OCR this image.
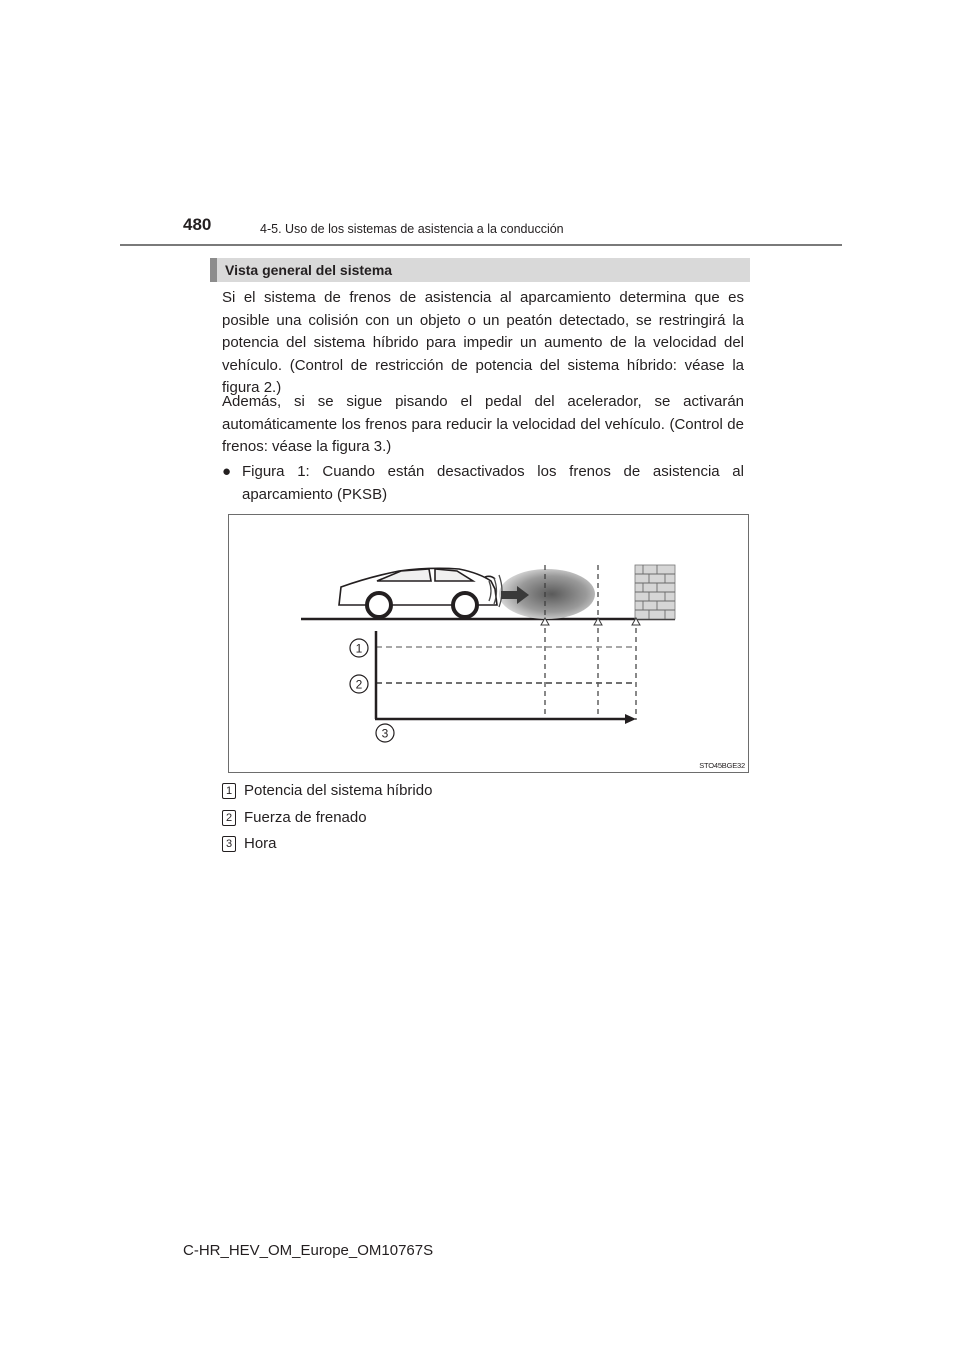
480	4-5. Uso de los sistemas de asistencia a la conducción
Vista general del sistema

Si el sistema de frenos de asistencia al aparcamiento determina que es posible una colisión con un objeto o un peatón detectado, se restringirá la potencia del sistema híbrido para impedir un aumento de la velocidad del vehículo. (Control de restricción de potencia del sistema híbrido: véase la figura 2.)

Además, si se sigue pisando el pedal del acelerador, se activarán automáticamente los frenos para reducir la velocidad del vehículo. (Control de frenos: véase la figura 3.)

● Figura 1: Cuando están desactivados los frenos de asistencia al aparcamiento (PKSB)
1
2
3
STO45BGE32
1 Potencia del sistema híbrido
2 Fuerza de frenado
3 Hora
C-HR_HEV_OM_Europe_OM10767S
